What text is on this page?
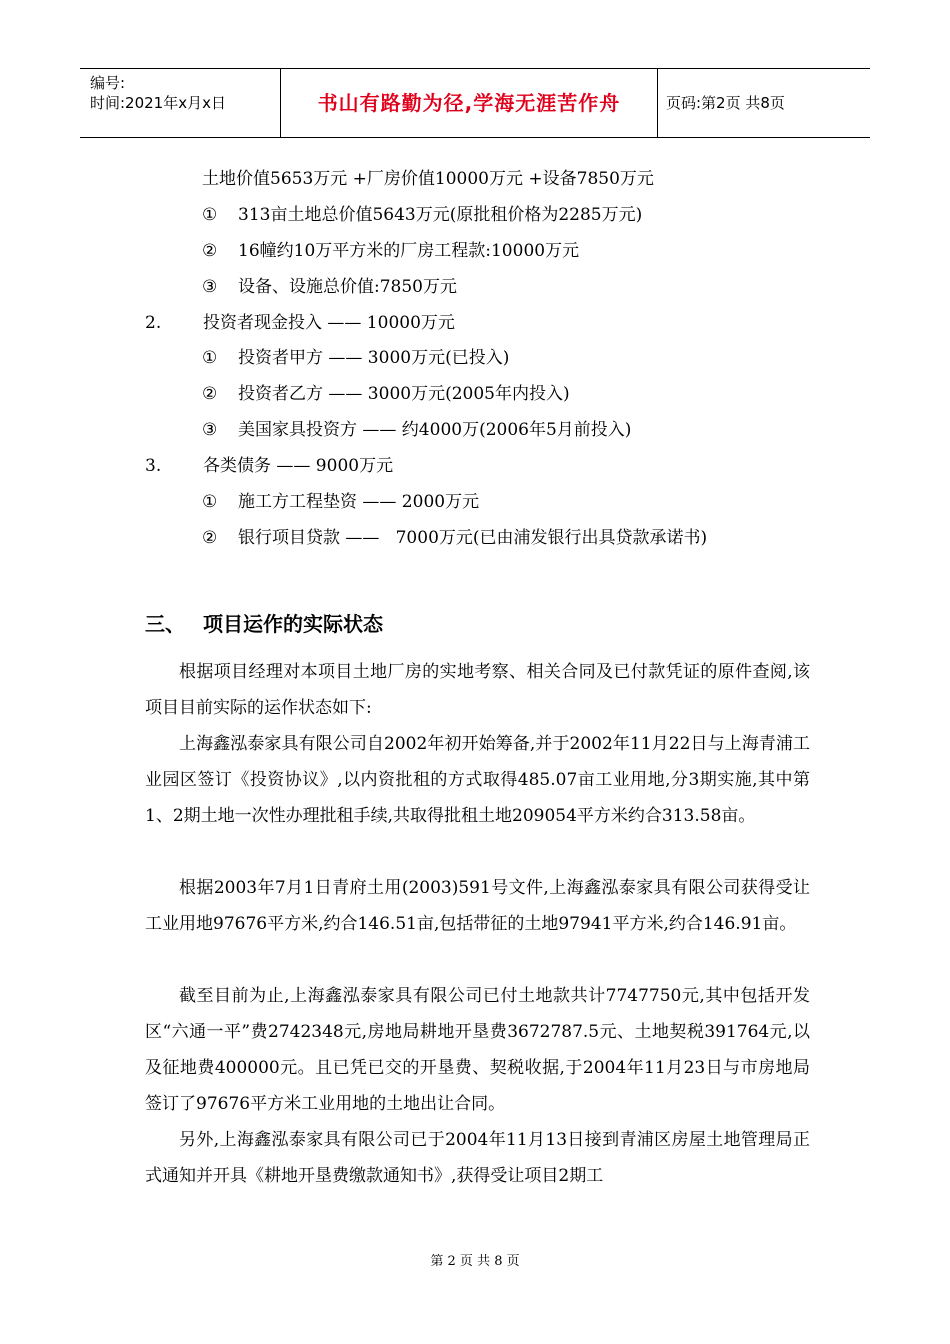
编号:
时间:2021年x月x日	书山有路勤为径,学海无涯苦作舟	页码:第2页 共8页
土地价值5653万元 +厂房价值10000万元 +设备7850万元
① 313亩土地总价值5643万元(原批租价格为2285万元)
② 16幢约10万平方米的厂房工程款:10000万元
③ 设备、设施总价值:7850万元
2. 投资者现金投入 —— 10000万元
① 投资者甲方 —— 3000万元(已投入)
② 投资者乙方 —— 3000万元(2005年内投入)
③ 美国家具投资方 —— 约4000万(2006年5月前投入)
3. 各类债务 —— 9000万元
① 施工方工程垫资 —— 2000万元
② 银行项目贷款 ——   7000万元(已由浦发银行出具贷款承诺书)
三、 项目运作的实际状态
根据项目经理对本项目土地厂房的实地考察、相关合同及已付款凭证的原件查阅,该项目目前实际的运作状态如下:
上海鑫泓泰家具有限公司自2002年初开始筹备,并于2002年11月22日与上海青浦工业园区签订《投资协议》,以内资批租的方式取得485.07亩工业用地,分3期实施,其中第1、2期土地一次性办理批租手续,共取得批租土地209054平方米约合313.58亩。
根据2003年7月1日青府土用(2003)591号文件,上海鑫泓泰家具有限公司获得受让工业用地97676平方米,约合146.51亩,包括带征的土地97941平方米,约合146.91亩。
截至目前为止,上海鑫泓泰家具有限公司已付土地款共计7747750元,其中包括开发区“六通一平”费2742348元,房地局耕地开垦费3672787.5元、土地契税391764元,以及征地费400000元。且已凭已交的开垦费、契税收据,于2004年11月23日与市房地局签订了97676平方米工业用地的土地出让合同。
另外,上海鑫泓泰家具有限公司已于2004年11月13日接到青浦区房屋土地管理局正式通知并开具《耕地开垦费缴款通知书》,获得受让项目2期工
第 2 页 共 8 页
